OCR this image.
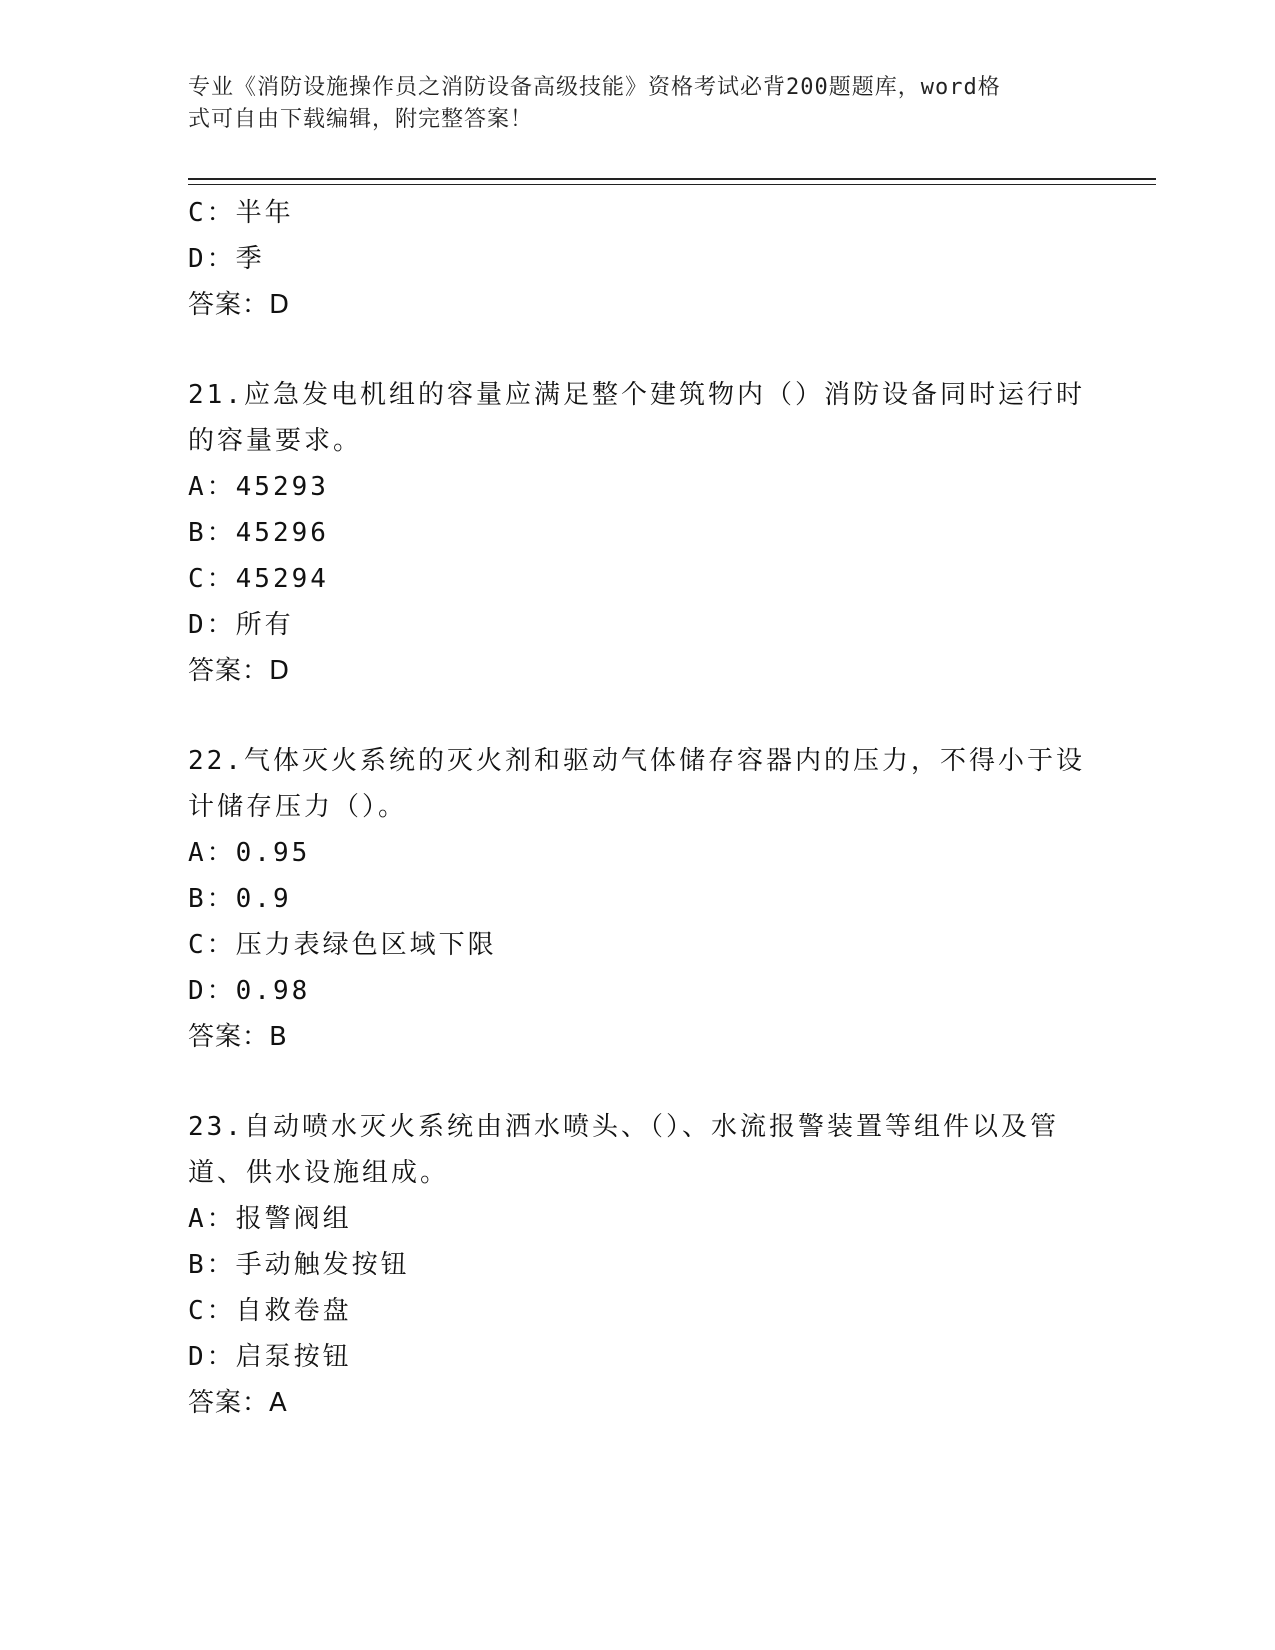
专业《消防设施操作员之消防设备高级技能》资格考试必背200题题库，word格
式可自由下载编辑，附完整答案！
C：半年
D：季
答案：D
21.应急发电机组的容量应满足整个建筑物内（）消防设备同时运行时
的容量要求。
A：45293
B：45296
C：45294
D：所有
答案：D
22.气体灭火系统的灭火剂和驱动气体储存容器内的压力，不得小于设
计储存压力（）。
A：0.95
B：0.9
C：压力表绿色区域下限
D：0.98
答案：B
23.自动喷水灭火系统由洒水喷头、（）、水流报警装置等组件以及管
道、供水设施组成。
A：报警阀组
B：手动触发按钮
C：自救卷盘
D：启泵按钮
答案：A
